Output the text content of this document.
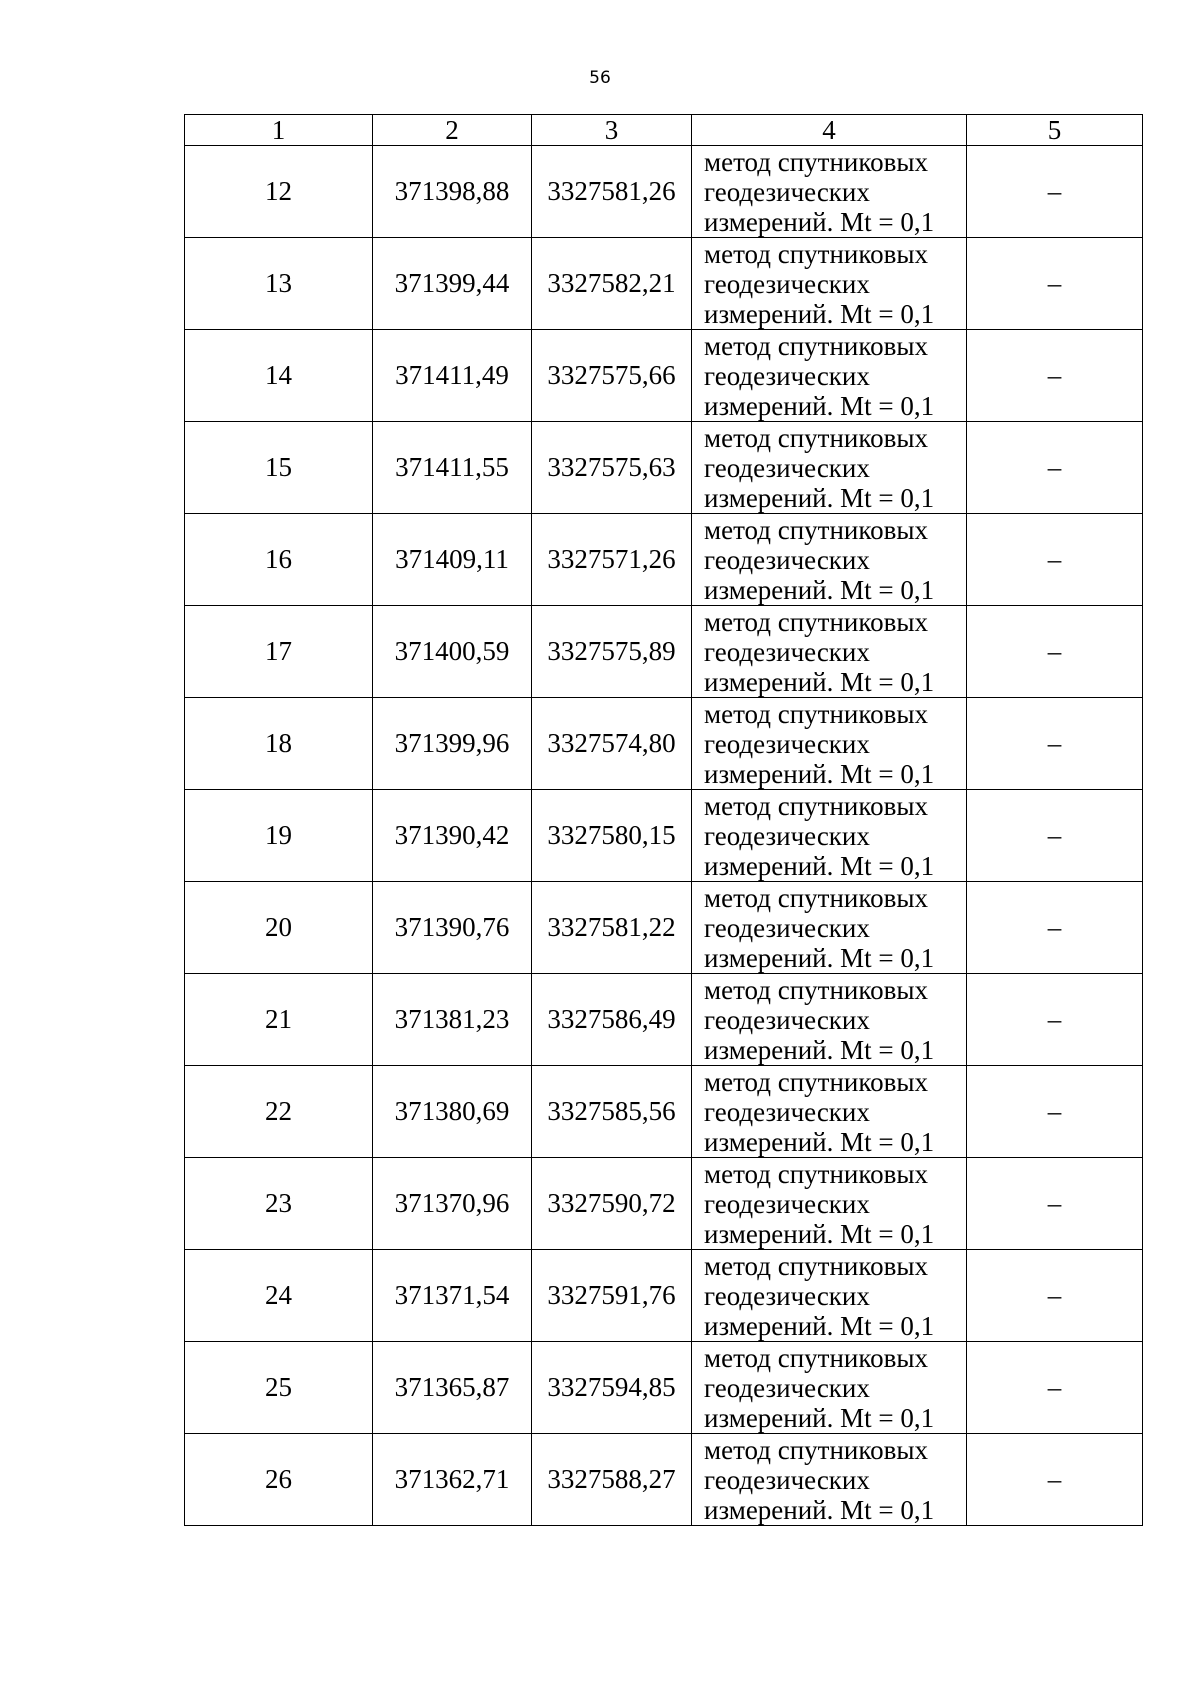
56
1	2	3	4	5
12	371398,88	3327581,26	метод спутниковых
геодезических
измерений. Mt = 0,1	–
13	371399,44	3327582,21	метод спутниковых
геодезических
измерений. Mt = 0,1	–
14	371411,49	3327575,66	метод спутниковых
геодезических
измерений. Mt = 0,1	–
15	371411,55	3327575,63	метод спутниковых
геодезических
измерений. Mt = 0,1	–
16	371409,11	3327571,26	метод спутниковых
геодезических
измерений. Mt = 0,1	–
17	371400,59	3327575,89	метод спутниковых
геодезических
измерений. Mt = 0,1	–
18	371399,96	3327574,80	метод спутниковых
геодезических
измерений. Mt = 0,1	–
19	371390,42	3327580,15	метод спутниковых
геодезических
измерений. Mt = 0,1	–
20	371390,76	3327581,22	метод спутниковых
геодезических
измерений. Mt = 0,1	–
21	371381,23	3327586,49	метод спутниковых
геодезических
измерений. Mt = 0,1	–
22	371380,69	3327585,56	метод спутниковых
геодезических
измерений. Mt = 0,1	–
23	371370,96	3327590,72	метод спутниковых
геодезических
измерений. Mt = 0,1	–
24	371371,54	3327591,76	метод спутниковых
геодезических
измерений. Mt = 0,1	–
25	371365,87	3327594,85	метод спутниковых
геодезических
измерений. Mt = 0,1	–
26	371362,71	3327588,27	метод спутниковых
геодезических
измерений. Mt = 0,1	–
